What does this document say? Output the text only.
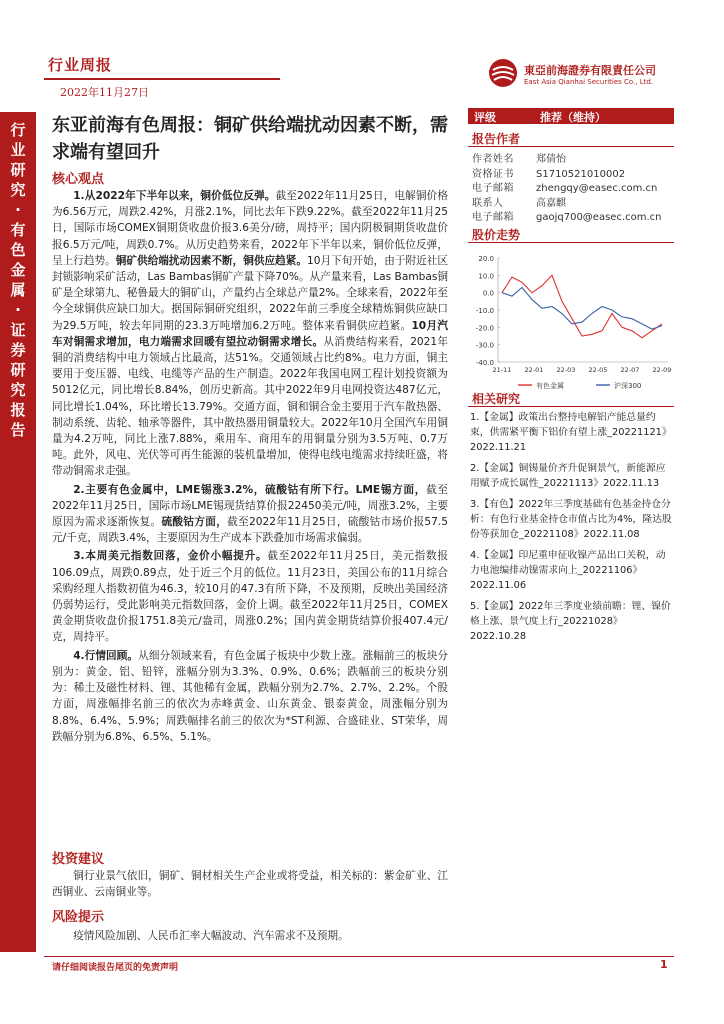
行业周报
2022年11月27日
東亞前海證券有限責任公司
East Asia Qianhai Securities Co., Ltd.
行
业
研
究
·
有
色
金
属
·
证
券
研
究
报
告
东亚前海有色周报：铜矿供给端扰动因素不断，需求端有望回升
核心观点

1.从2022年下半年以来，铜价低位反弹。截至2022年11月25日，电解铜价格为6.56万元，周跌2.42%，月涨2.1%，同比去年下跌9.22%。截至2022年11月25日，国际市场COMEX铜期货收盘价报3.6美分/磅，周持平；国内阴极铜期货收盘价报6.5万元/吨，周跌0.7%。从历史趋势来看，2022年下半年以来，铜价低位反弹，呈上行趋势。铜矿供给端扰动因素不断，铜供应趋紧。10月下旬开始，由于附近社区封锁影响采矿活动，Las Bambas铜矿产量下降70%。从产量来看，Las Bambas铜矿是全球第九、秘鲁最大的铜矿山，产量约占全球总产量2%。全球来看，2022年至今全球铜供应缺口加大。据国际铜研究组织，2022年前三季度全球精炼铜供应缺口为29.5万吨，较去年同期的23.3万吨增加6.2万吨。整体来看铜供应趋紧。10月汽车对铜需求增加，电力端需求回暖有望拉动铜需求增长。从消费结构来看，2021年铜的消费结构中电力领域占比最高，达51%。交通领域占比约8%。电力方面，铜主要用于变压器、电线、电缆等产品的生产制造。2022年我国电网工程计划投资额为5012亿元，同比增长8.84%，创历史新高。其中2022年9月电网投资达487亿元，同比增长1.04%，环比增长13.79%。交通方面，铜和铜合金主要用于汽车散热器、制动系统、齿轮、轴承等器件，其中散热器用铜量较大。2022年10月全国汽车用铜量为4.2万吨，同比上涨7.88%，乘用车、商用车的用铜量分别为3.5万吨、0.7万吨。此外，风电、光伏等可再生能源的装机量增加，使得电线电缆需求持续旺盛，将带动铜需求走强。

2.主要有色金属中，LME锡涨3.2%，硫酸钴有所下行。LME锡方面，截至2022年11月25日，国际市场LME锡现货结算价报22450美元/吨，周涨3.2%，主要原因为需求逐渐恢复。硫酸钴方面，截至2022年11月25日，硫酸钴市场价报57.5元/千克，周跌3.4%，主要原因为生产成本下跌叠加市场需求偏弱。

3.本周美元指数回落，金价小幅提升。截至2022年11月25日，美元指数报106.09点，周跌0.89点，处于近三个月的低位。11月23日，美国公布的11月综合采购经理人指数初值为46.3，较10月的47.3有所下降，不及预期，反映出美国经济仍弱势运行，受此影响美元指数回落，金价上调。截至2022年11月25日，COMEX黄金期货收盘价报1751.8美元/盎司，周涨0.2%；国内黄金期货结算价报407.4元/克，周持平。

4.行情回顾。从细分领域来看，有色金属子板块中少数上涨。涨幅前三的板块分别为：黄金、铝、铅锌，涨幅分别为3.3%、0.9%、0.6%；跌幅前三的板块分别为：稀土及磁性材料、锂、其他稀有金属，跌幅分别为2.7%、2.7%、2.2%。个股方面，周涨幅排名前三的依次为赤峰黄金、山东黄金、银泰黄金，周涨幅分别为8.8%、6.4%、5.9%；周跌幅排名前三的依次为*ST利源、合盛硅业、ST荣华，周跌幅分别为6.8%、6.5%、5.1%。

投资建议

铜行业景气依旧，铜矿、铜材相关生产企业或将受益，相关标的：紫金矿业、江西铜业、云南铜业等。

风险提示

疫情风险加剧、人民币汇率大幅波动、汽车需求不及预期。

评级	推荐（维持）
报告作者
作者姓名 郑倩怡
资格证书 S1710521010002
电子邮箱 zhengqy@easec.com.cn
联系人	高嘉麒
电子邮箱 gaojq700@easec.com.cn
股价走势
20.0
10.0
0.0
-10.0
-20.0
-30.0
-40.0
21-11 22-01 22-03 22-05 22-07 22-09
有色金属	沪深300
相关研究

1.【金属】政策出台整持电解铝产能总量约束，供需紧平衡下铝价有望上涨_20221121》2022.11.21

2.【金属】铜锡量价齐升促铜景气，新能源应用赋予成长属性_20221113》2022.11.13

3.【有色】2022年三季度基础有色基金持仓分析：有色行业基金持仓市值占比为4%，隆达股份等获加仓_20221108》2022.11.08

4.【金属】印尼重申征收镍产品出口关税，动力电池编排动镍需求向上_20221106》2022.11.06

5.【金属】2022年三季度业绩前瞻：锂、镍价格上涨、景气度上行_20221028》2022.10.28

请仔细阅读报告尾页的免责声明	1
